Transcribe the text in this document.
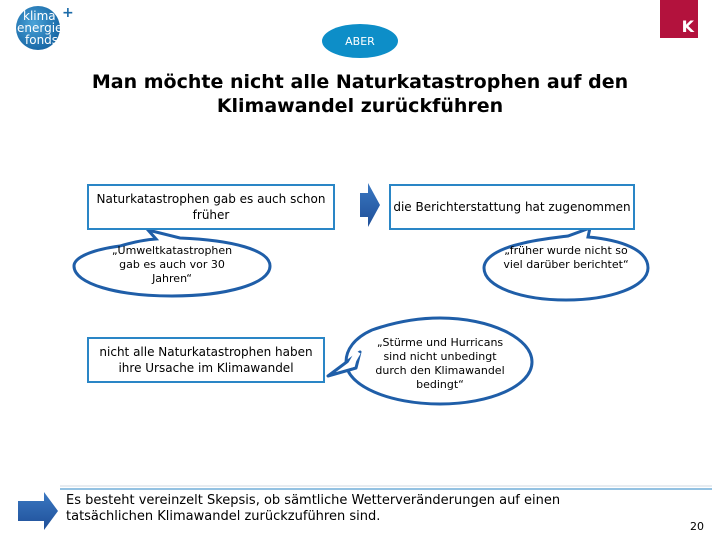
klima
energie
fonds
+
ABER
K
Man möchte nicht alle Naturkatastrophen auf den
Klimawandel zurückführen
Naturkatastrophen gab es auch schon früher
die Berichterstattung hat zugenommen
nicht alle Naturkatastrophen haben ihre Ursache im Klimawandel
„Umweltkatastrophen gab es auch vor 30 Jahren“
„früher wurde nicht so viel darüber berichtet“
„Stürme und Hurricans sind nicht unbedingt durch den Klimawandel bedingt“
Es besteht vereinzelt Skepsis, ob sämtliche Wetterveränderungen auf einen tatsächlichen Klimawandel zurückzuführen sind.
20
